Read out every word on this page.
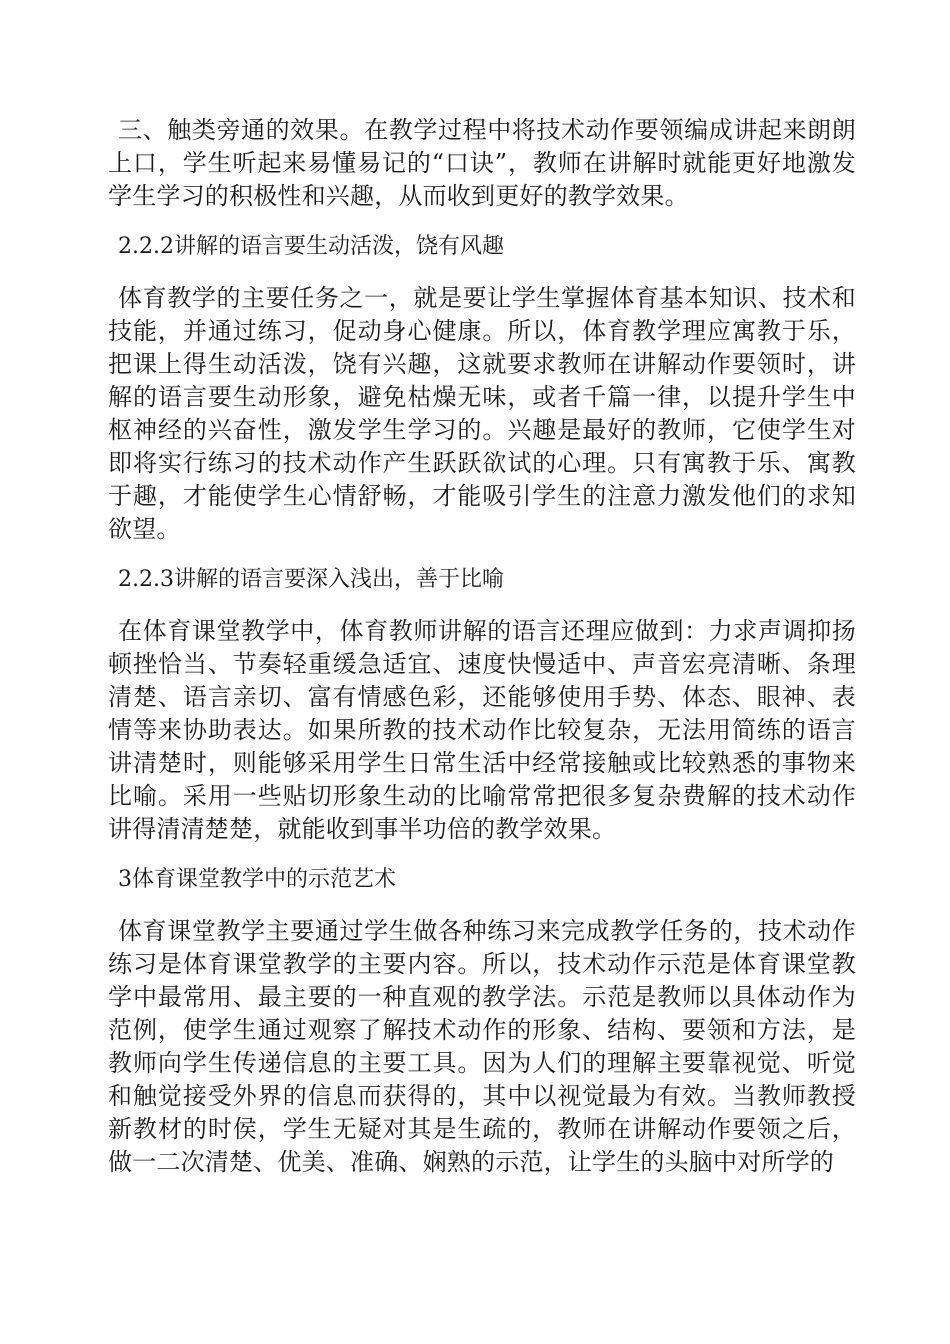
三、触类旁通的效果。在教学过程中将技术动作要领编成讲起来朗朗上口，学生听起来易懂易记的“口诀”，教师在讲解时就能更好地激发学生学习的积极性和兴趣，从而收到更好的教学效果。

2.2.2讲解的语言要生动活泼，饶有风趣

体育教学的主要任务之一，就是要让学生掌握体育基本知识、技术和技能，并通过练习，促动身心健康。所以，体育教学理应寓教于乐，把课上得生动活泼，饶有兴趣，这就要求教师在讲解动作要领时，讲解的语言要生动形象，避免枯燥无味，或者千篇一律，以提升学生中枢神经的兴奋性，激发学生学习的。兴趣是最好的教师，它使学生对即将实行练习的技术动作产生跃跃欲试的心理。只有寓教于乐、寓教于趣，才能使学生心情舒畅，才能吸引学生的注意力激发他们的求知欲望。

2.2.3讲解的语言要深入浅出，善于比喻

在体育课堂教学中，体育教师讲解的语言还理应做到：力求声调抑扬顿挫恰当、节奏轻重缓急适宜、速度快慢适中、声音宏亮清晰、条理清楚、语言亲切、富有情感色彩，还能够使用手势、体态、眼神、表情等来协助表达。如果所教的技术动作比较复杂，无法用简练的语言讲清楚时，则能够采用学生日常生活中经常接触或比较熟悉的事物来比喻。采用一些贴切形象生动的比喻常常把很多复杂费解的技术动作讲得清清楚楚，就能收到事半功倍的教学效果。

3体育课堂教学中的示范艺术

体育课堂教学主要通过学生做各种练习来完成教学任务的，技术动作练习是体育课堂教学的主要内容。所以，技术动作示范是体育课堂教学中最常用、最主要的一种直观的教学法。示范是教师以具体动作为范例，使学生通过观察了解技术动作的形象、结构、要领和方法，是教师向学生传递信息的主要工具。因为人们的理解主要靠视觉、听觉和触觉接受外界的信息而获得的，其中以视觉最为有效。当教师教授新教材的时侯，学生无疑对其是生疏的，教师在讲解动作要领之后，做一二次清楚、优美、准确、娴熟的示范，让学生的头脑中对所学的
